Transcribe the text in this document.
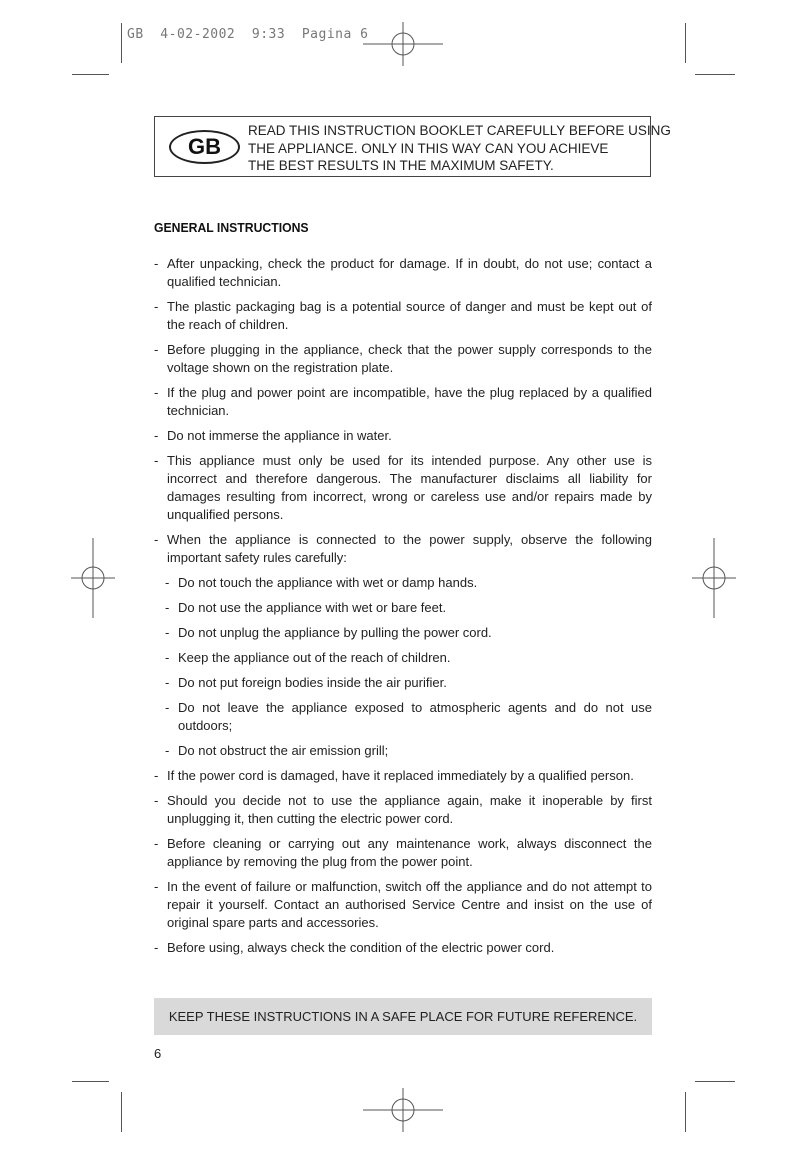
GB  4-02-2002  9:33  Pagina 6
GB
READ THIS INSTRUCTION BOOKLET CAREFULLY BEFORE USING
THE APPLIANCE. ONLY IN THIS WAY CAN YOU ACHIEVE
THE BEST RESULTS IN THE MAXIMUM SAFETY.
GENERAL INSTRUCTIONS
- After unpacking, check the product for damage. If in doubt, do not use; contact a qualified technician.
- The plastic packaging bag is a potential source of danger and must be kept out of the reach of children.
- Before plugging in the appliance, check that the power supply corresponds to the voltage shown on the registration plate.
- If the plug and power point are incompatible, have the plug replaced by a qualified technician.
- Do not immerse the appliance in water.
- This appliance must only be used for its intended purpose. Any other use is incorrect and therefore dangerous. The manufacturer disclaims all liability for damages resulting from incorrect, wrong or careless use and/or repairs made by unqualified persons.
- When the appliance is connected to the power supply, observe the following important safety rules carefully:
- Do not touch the appliance with wet or damp hands.
- Do not use the appliance with wet or bare feet.
- Do not unplug the appliance by pulling the power cord.
- Keep the appliance out of the reach of children.
- Do not put foreign bodies inside the air purifier.
- Do not leave the appliance exposed to atmospheric agents and do not use outdoors;
- Do not obstruct the air emission grill;
- If the power cord is damaged, have it replaced immediately by a qualified person.
- Should you decide not to use the appliance again, make it inoperable by first unplugging it, then cutting the electric power cord.
- Before cleaning or carrying out any maintenance work, always disconnect the appliance by removing the plug from the power point.
- In the event of failure or malfunction, switch off the appliance and do not attempt to repair it yourself. Contact an authorised Service Centre and insist on the use of original spare parts and accessories.
- Before using, always check the condition of the electric power cord.
KEEP THESE INSTRUCTIONS IN A SAFE PLACE FOR FUTURE REFERENCE.
6
